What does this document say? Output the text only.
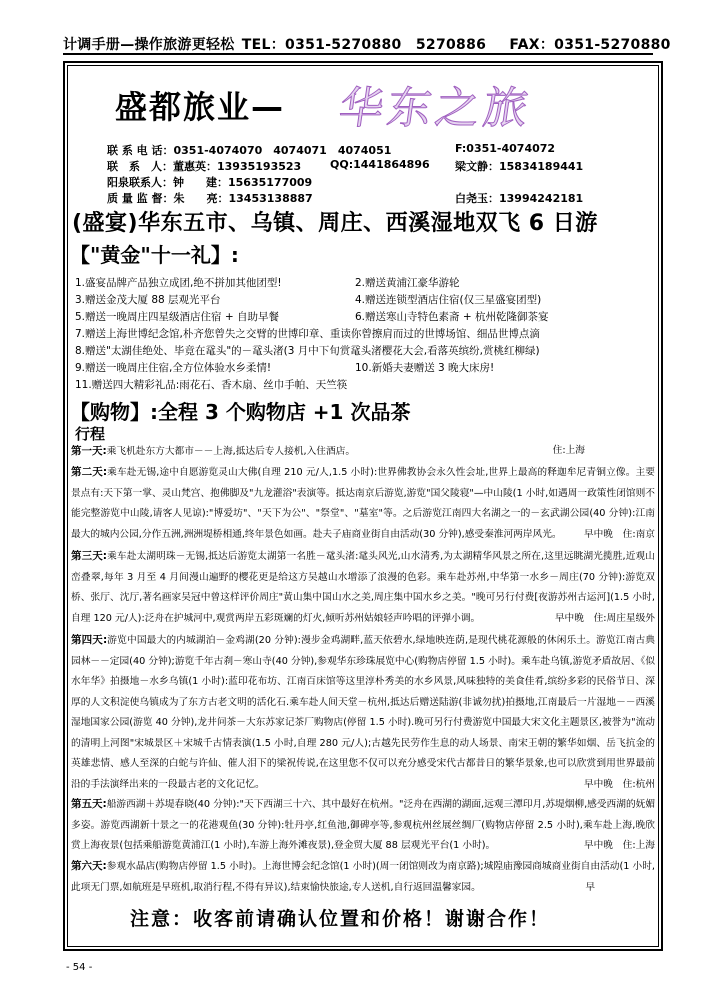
计调手册—操作旅游更轻松 TEL：0351-5270880　5270886 FAX：0351-5270880
盛都旅业— 华东之旅
联 系 电 话：0351-4074070　4074071　4074051	F:0351-4074072
联　系　人：董惠英：13935193523	QQ:1441864896 梁文静：15834189441
阳泉联系人：钟　　建：15635177009
质 量 监 督：朱　　亮：13453138887	白尧玉：13994242181
(盛宴)华东五市、乌镇、周庄、西溪湿地双飞 6 日游
【"黄金"十一礼】:
1.盛宴品牌产品独立成团,绝不拼加其他团型!	2.赠送黄浦江豪华游轮
3.赠送金茂大厦 88 层观光平台	4.赠送连锁型酒店住宿(仅三星盛宴团型)
5.赠送一晚周庄四星级酒店住宿 + 自助早餐	6.赠送寒山寺特色素斋 + 杭州乾隆御茶宴
7.赠送上海世博纪念馆,朴齐您曾失之交臂的世博印章、重读你曾擦肩而过的世博场馆、细品世博点滴
8.赠送"太湖佳绝处、毕竟在鼋头"的－鼋头渚(3 月中下旬赏鼋头渚樱花大会,看落英缤纷,赏桃红柳绿)
9.赠送一晚周庄住宿,全方位体验水乡柔情!	10.新婚夫妻赠送 3 晚大床房!
11.赠送四大精彩礼品:雨花石、香木扇、丝巾手帕、天竺筷
【购物】:全程 3 个购物店 +1 次品茶
行程
第一天:乘飞机赴东方大都市－－上海,抵达后专人接机,入住酒店。	住:上海
第二天:乘车赴无锡,途中自愿游览灵山大佛(自理 210 元/人,1.5 小时):世界佛教协会永久性会址,世界上最高的释迦牟尼青铜立像。主要景点有:天下第一掌、灵山梵宫、抱佛脚及"九龙灌浴"表演等。抵达南京后游览,游览"国父陵寝"—中山陵(1 小时,如遇周一政策性闭馆则不能完整游览中山陵,请客人见谅):"博爱坊"、"天下为公"、"祭堂"、"墓室"等。之后游览江南四大名湖之一的－玄武湖公园(40 分钟):江南最大的城内公园,分作五洲,洲洲堤桥相通,终年景色如画。赴夫子庙商业街自由活动(30 分钟),感受秦淮河两岸风光。 早中晚　住:南京
第三天:乘车赴太湖明珠－无锡,抵达后游览太湖第一名胜－鼋头渚:鼋头风光,山水清秀,为太湖精华风景之所在,这里远眺湖光揽胜,近观山峦叠翠,每年 3 月至 4 月间漫山遍野的樱花更是给这方吴越山水增添了浪漫的色彩。乘车赴苏州,中华第一水乡－周庄(70 分钟):游览双桥、张厅、沈厅,著名画家吴冠中曾这样评价周庄"黄山集中国山水之美,周庄集中国水乡之美。"晚可另行付费[夜游苏州古运河](1.5 小时,自理 120 元/人):泛舟在护城河中,观赏两岸五彩斑斓的灯火,倾听苏州姑娘轻声吟唱的评弹小调。	早中晚　住:周庄星级外
第四天:游览中国最大的内城湖泊－金鸡湖(20 分钟):漫步金鸡湖畔,蓝天依碧水,绿地映连荫,是现代桃花源般的休闲乐土。游览江南古典园林－－定园(40 分钟);游览千年古刹－寒山寺(40 分钟),参观华东珍珠展览中心(购物店停留 1.5 小时)。乘车赴乌镇,游览矛盾故居、《似水年华》拍摄地－水乡乌镇(1 小时):蓝印花布坊、江南百床馆等这里淳朴秀美的水乡风景,风味独特的美食佳肴,缤纷多彩的民俗节日、深厚的人文积淀使乌镇成为了东方古老文明的活化石.乘车赴人间天堂－杭州,抵达后赠送陆游(非诚勿扰)拍摄地,江南最后一片湿地－－西溪湿地国家公园(游览 40 分钟),龙井问茶－大东苏家记茶厂购物店(停留 1.5 小时).晚可另行付费游览中国最大宋文化主题景区,被誉为"流动的清明上河图"宋城景区＋宋城千古情表演(1.5 小时,自理 280 元/人);古越先民劳作生息的动人场景、南宋王朝的繁华如烟、岳飞抗金的英雄悲情、感人至深的白蛇与许仙、催人泪下的梁祝传说,在这里您不仅可以充分感受宋代古都昔日的繁华景象,也可以欣赏到用世界最前沿的手法演绎出来的一段最古老的文化记忆。	早中晚　住:杭州
第五天:船游西湖＋苏堤春晓(40 分钟):"天下西湖三十六、其中最好在杭州。"泛舟在西湖的湖面,远观三潭印月,苏堤烟柳,感受西湖的妩媚多姿。游览西湖新十景之一的花港观鱼(30 分钟):牡丹亭,红鱼池,御碑亭等,参观杭州丝展丝绸厂(购物店停留 2.5 小时),乘车赴上海,晚欣赏上海夜景(包括乘船游览黄浦江(1 小时),车游上海外滩夜景),登金贸大厦 88 层观光平台(1 小时)。	早中晚　住:上海
第六天:参观水晶店(购物店停留 1.5 小时)。上海世博会纪念馆(1 小时)(周一闭馆则改为南京路);城隍庙豫园商城商业街自由活动(1 小时,此项无门票,如航班是早班机,取消行程,不得有异议),结束愉快旅途,专人送机,自行返回温馨家园。	早
注意：收客前请确认位置和价格！谢谢合作！
- 54 -
